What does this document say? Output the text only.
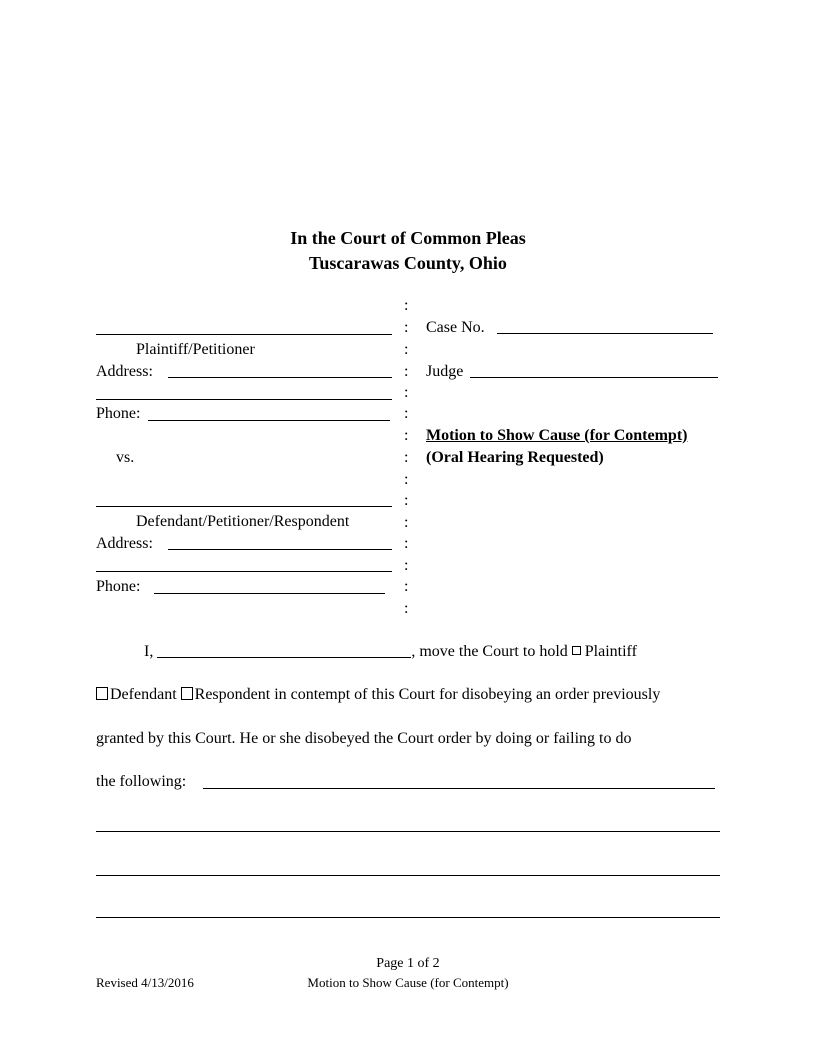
In the Court of Common Pleas
Tuscarawas County, Ohio
:
:
:
:
:
:
:
:
:
:
:
:
:
:
:
Plaintiff/Petitioner
Address:
Phone:
vs.
Defendant/Petitioner/Respondent
Address:
Phone:
Case No.
Judge
Motion to Show Cause (for Contempt)
(Oral Hearing Requested)
I,	, move the Court to hold Plaintiff
Defendant Respondent in contempt of this Court for disobeying an order previously
granted by this Court. He or she disobeyed the Court order by doing or failing to do
the following:
Page 1 of 2
Revised 4/13/2016	Motion to Show Cause (for Contempt)
